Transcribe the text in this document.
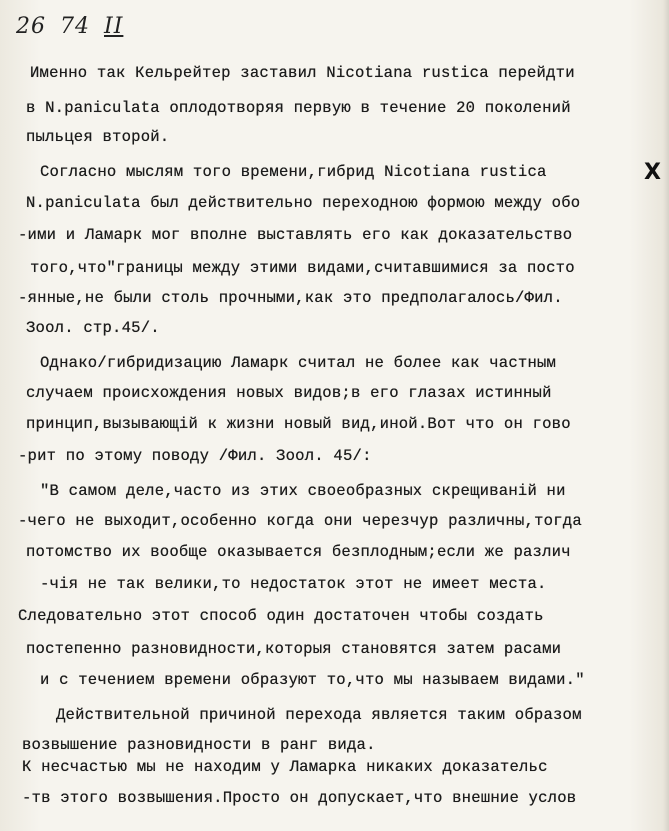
26 74 II
Именно так Кельрейтер заставил Nicotiana rustica перейдти
в N.paniculata оплодотворяя первую в течение 20 поколений
пыльцея второй.
Согласно мыслям того времени,гибрид Nicotiana rustica
N.paniculata был действительно переходною формою между обо
-ими и Ламарк мог вполне выставлять его как доказательство
того,что"границы между этими видами,считавшимися за посто
-янные,не были столь прочными,как это предполагалось/Фил.
Зоол. стр.45/.
Однако/гибридизацию Ламарк считал не более как частным
случаем происхождения новых видов;в его глазах истинный
принцип,вызывающій к жизни новый вид,иной.Вот что он гово
-рит по этому поводу /Фил. Зоол. 45/:
"В самом деле,часто из этих своеобразных скрещиваній ни
-чего не выходит,особенно когда они черезчур различны,тогда
потомство их вообще оказывается безплодным;если же различ
-чія не так велики,то недостаток этот не имеет места.
Следовательно этот способ один достаточен чтобы создать
постепенно разновидности,которыя становятся затем расами
и с течением времени образуют то,что мы называем видами."
Действительной причиной перехода является таким образом
возвышение разновидности в ранг вида.
К несчастью мы не находим у Ламарка никаких доказательс
-тв этого возвышения.Просто он допускает,что внешние услов
X
